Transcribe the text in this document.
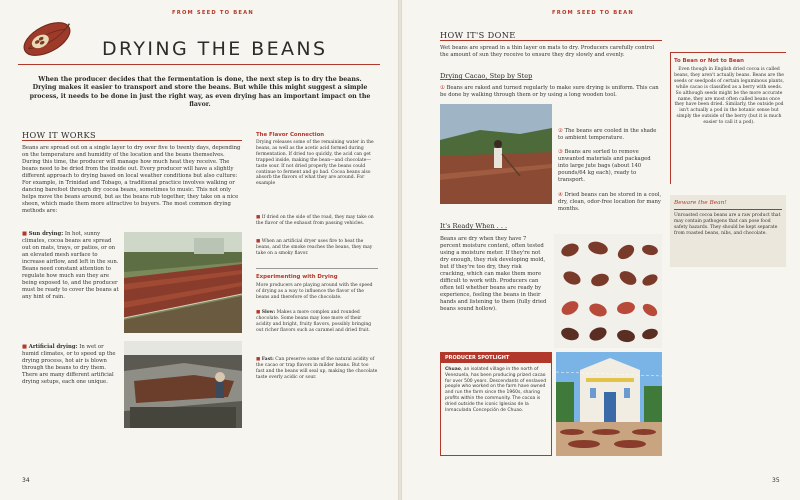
FROM SEED TO BEAN
DRYING THE BEANS
When the producer decides that the fermentation is done, the next step is to dry the beans. Drying makes it easier to transport and store the beans. But while this might suggest a simple process, it needs to be done in just the right way, as even drying has an important impact on the flavor.
HOW IT WORKS
Beans are spread out on a single layer to dry over five to twenty days, depending on the temperature and humidity of the location and the beans themselves. During this time, the producer will manage how much heat they receive. The beans need to be dried from the inside out. Every producer will have a slightly different approach to drying based on local weather conditions but also culture: For example, in Trinidad and Tobago, a traditional practice involves walking or dancing barefoot through dry cocoa beans, sometimes to music. This not only helps move the beans around, but as the beans rub together, they take on a nice sheen, which made them more attractive to buyers. The most common drying methods are:
■ Sun drying: In hot, sunny climates, cocoa beans are spread out on mats, trays, or patios, or on an elevated mesh surface to increase airflow, and left in the sun. Beans need constant attention to regulate how much sun they are being exposed to, and the producer must be ready to cover the beans at any hint of rain.
■ Artificial drying: In wet or humid climates, or to speed up the drying process, hot air is blown through the beans to dry them. There are many different artificial drying setups, each one unique.
The Flavor Connection
Drying releases some of the remaining water in the beans, as well as the acetic acid formed during fermentation. If dried too quickly, the acid can get trapped inside, making the bean—and chocolate—taste sour. If not dried properly the beans could continue to ferment and go bad. Cocoa beans also absorb the flavors of what they are around. For example
■ If dried on the side of the road, they may take on the flavor of the exhaust from passing vehicles.
■ When an artificial dryer uses fire to heat the beans, and the smoke reaches the beans, they may take on a smoky flavor.
Experimenting with Drying
More producers are playing around with the speed of drying as a way to influence the flavor of the beans and therefore of the chocolate.
■ Slow: Makes a more complex and rounded chocolate. Some beans may lose more of their acidity and bright, fruity flavors, possibly bringing out richer flavors such as caramel and dried fruit.
■ Fast: Can preserve some of the natural acidity of the cacao or trap flavors in milder beans. But too fast and the beans will seal up, making the chocolate taste overly acidic or sour.
34
FROM SEED TO BEAN
HOW IT'S DONE
Wet beans are spread in a thin layer on mats to dry. Producers carefully control the amount of sun they receive to ensure they dry slowly and evenly.
Drying Cacao, Step by Step
① Beans are raked and turned regularly to make sure drying is uniform. This can be done by walking through them or by using a long wooden tool.
② The beans are cooled in the shade to ambient temperature.
③ Beans are sorted to remove unwanted materials and packaged into large jute bags (about 140 pounds/64 kg each), ready to transport.
④ Dried beans can be stored in a cool, dry, clean, odor-free location for many months.
It's Ready When . . .
Beans are dry when they have 7 percent moisture content, often tested using a moisture meter. If they're not dry enough, they risk developing mold, but if they're too dry, they risk cracking, which can make them more difficult to work with. Producers can often tell whether beans are ready by experience, feeling the beans in their hands and listening to them (fully dried beans sound hollow).
PRODUCER SPOTLIGHT
Chuao, an isolated village in the north of Venezuela, has been producing prized cacao for over 500 years. Descendants of enslaved people who worked on the farm have owned and run the farm since the 1960s, sharing profits within the community. The cocoa is dried outside the iconic Iglesias de la Inmaculada Concepción de Chuao.
To Bean or Not to Bean
Even though in English dried cocoa is called beans, they aren't actually beans. Beans are the seeds or seedpods of certain leguminous plants, while cacao is classified as a berry with seeds. So although seeds might be the more accurate name, they are most often called beans once they have been dried. Similarly, the outside pod isn't actually a pod in the botanic sense but simply the outside of the berry (but it is much easier to call it a pod).
Beware the Bean!
Unroasted cocoa beans are a raw product that may contain pathogens that can pose food safety hazards. They should be kept separate from roasted beans, nibs, and chocolate.
35
